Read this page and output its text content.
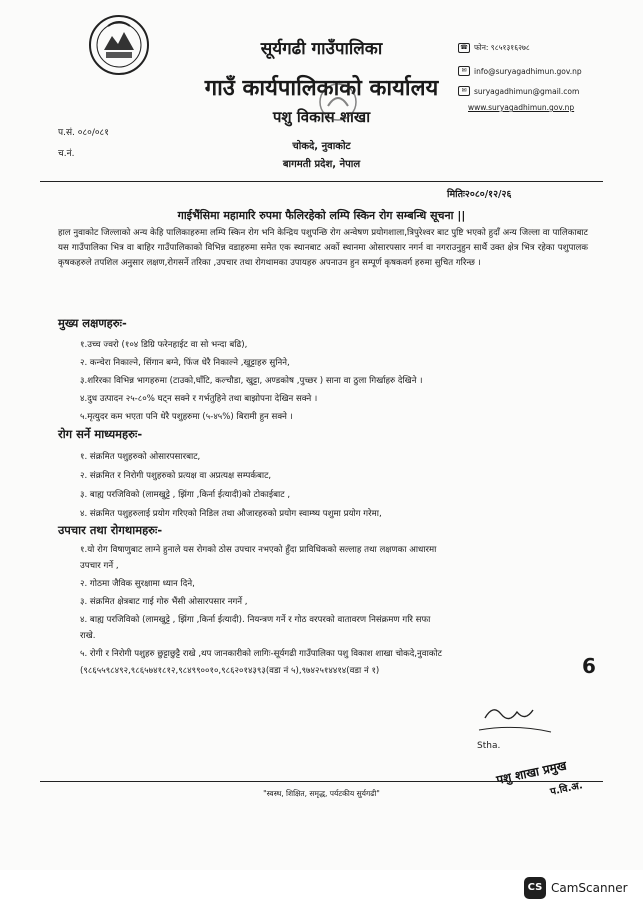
सूर्यगढी गाउँपालिका
गाउँ कार्यपालिकाको कार्यालय
पशु विकास शाखा
चोकदे, नुवाकोट
बागमती प्रदेश, नेपाल
☎ फोन: ९८५१३१६२७८
✉ info@suryagadhimun.gov.np
✉ suryagadhimun@gmail.com
www.suryagadhimun.gov.np
प.सं. ०८०/०८१
च.नं.
मितिः२०८०/१२/२६
गाईभैंसिमा महामारि रुपमा फैलिरहेको लम्पि स्किन रोग सम्बन्धि सूचना ||
हाल नुवाकोट जिल्लाको अन्य केहि पालिकाहरुमा लम्पि स्किन रोग भनि केन्द्रिय पशुपन्छि रोग अन्वेषण प्रयोगशाला,त्रिपुरेश्वर बाट पुष्टि भएको हुदाँ अन्य जिल्ला वा पालिकाबाट यस गाउँपालिका भित्र वा बाहिर गाउँपालिकाको विभिन्न वडाहरुमा समेत एक स्थानबाट अर्को स्थानमा ओसारपसार नगर्न वा नगराउनुहुन सार्थै उक्त क्षेत्र भित्र रहेका पशुपालक कृषकहरुले तपशिल अनुसार लक्षण,रोगसर्ने तरिका ,उपचार तथा रोगथामका उपायहरु अपनाउन हुन सम्पूर्ण कृषकवर्ग हरुमा सुचित गरिन्छ ।
मुख्य लक्षणहरुः-
१.उच्च ज्वरो (१०४ डिग्रि फरेनहाईट वा सो भन्दा बढि),
२. कन्चेरा निकाल्ने, सिंगान बग्ने, फिंज धेरै निकाल्ने ,खुट्टाहरु सुनिने,
३.शरिरका विभिन्न भागहरुमा (टाउको,घाँटि, कल्चौडा, खुट्टा, अण्डकोष ,पुच्छर ) साना वा ठुला गिर्खाहरु देखिने ।
४.दुध उत्पादन २५-८०% घट्न सक्ने र गर्भतुहिने तथा बाझोपना देखिन सक्ने ।
५.मृत्युदर कम भएता पनि धेरै पशुहरुमा (५-४५%) बिरामी हुन सक्ने ।
रोग सर्ने माध्यमहरुः-
१. संक्रमित पशुहरुको ओसारपसारबाट,
२. संक्रमित र निरोगी पशुहरुको प्रत्यक्ष वा अप्रत्यक्ष सम्पर्कबाट,
३. बाह्य परजिविको (लामखुट्टे , झिंगा ,किर्ना ईत्यादी)को टोकाईबाट ,
४. संक्रमित पशुहरुलाई प्रयोग गरिएको निडिल तथा औजारहरुको प्रयोग स्वाम्ष्य पशुमा प्रयोग गरेमा,
उपचार तथा रोगथामहरुः-
१.यो रोग विषाणुबाट लाग्ने हुनाले यस रोगको ठोस उपचार नभएको हुँदा प्राविधिकको सल्लाह तथा लक्षणका आधारमा
उपचार गर्ने ,
२. गोठमा जैविक सुरक्षामा ध्यान दिने,
३. संक्रमित क्षेत्रबाट गाई गोरु भैंसी ओसारपसार नगर्ने ,
४. बाह्य परजिविको (लामखुट्टे , झिंगा ,किर्ना ईत्यादी). नियन्त्रण गर्ने र गोठ वरपरको वातावरण निसंक्रमण गरि सफा
राखे.
५. रोगी र निरोगी पशुहरु छुट्टाछुट्टै राखे ,थप जानकारीको लागिः-सूर्यगढी गाउँपालिका पशु विकाश शाखा चोकदे,नुवाकोट
(९८६५५९८४९२,९८६५७४१८१२,९८४९९००१०,९८६२०१४३९३(वडा नं ५),९७४२५१४४१४(वडा नं १)	6
Stha.
पशु शाखा प्रमुख
प.वि.अ.
"स्वस्थ, शिक्षित, समृद्ध, पर्यटकीय सुर्यगढी"
CS CamScanner
